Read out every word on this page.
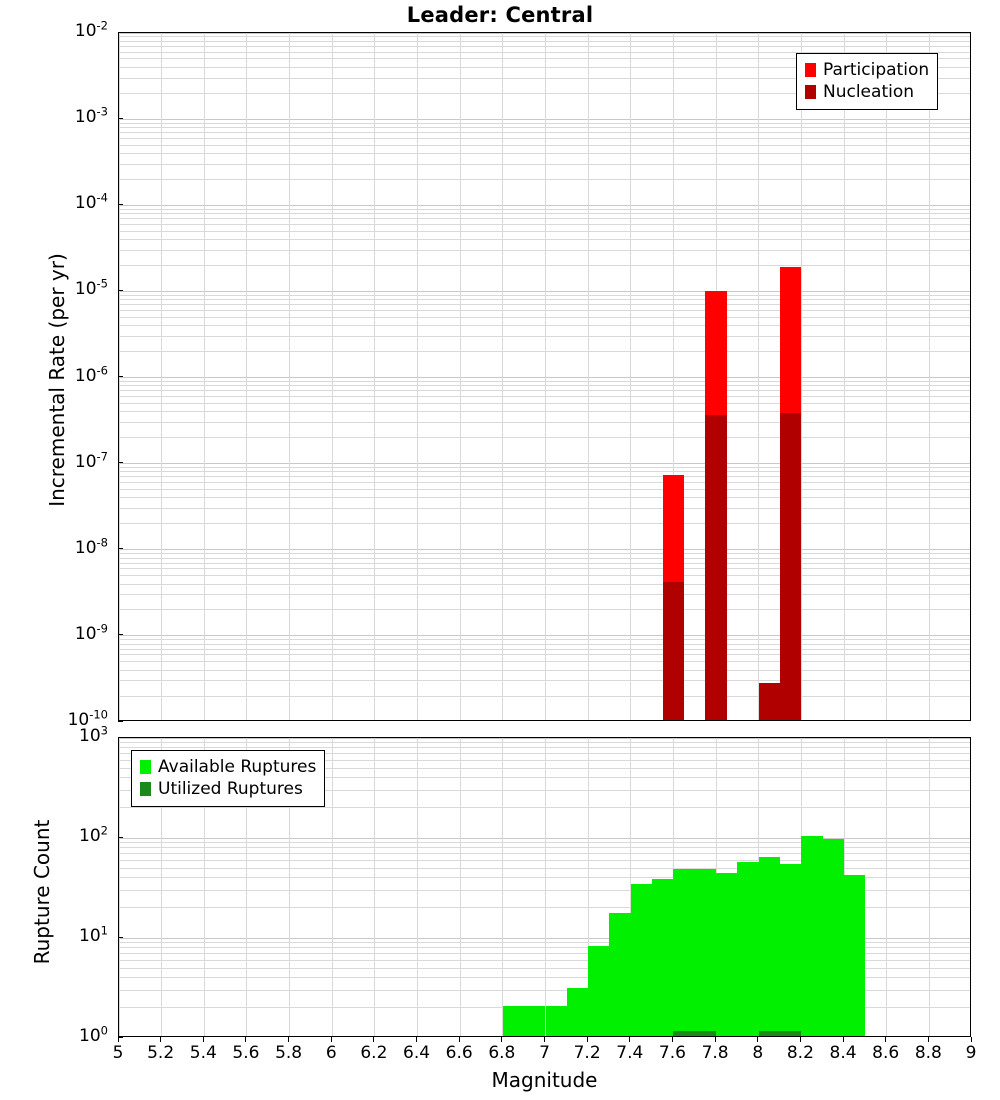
Leader: Central
$10^{-10}$
$10^{-9}$
$10^{-8}$
$10^{-7}$
$10^{-6}$
$10^{-5}$
$10^{-4}$
$10^{-3}$
$10^{-2}$
Incremental Rate (per yr)
Participation
Nucleation
$10^0$
$10^1$
$10^2$
$10^3$
5	5.2 5.4 5.6 5.8	6	6.2 6.4 6.6 6.8	7	7.2 7.4 7.6 7.8	8	8.2 8.4 8.6 8.8	9
Rupture Count
Magnitude
Available Ruptures
Utilized Ruptures
